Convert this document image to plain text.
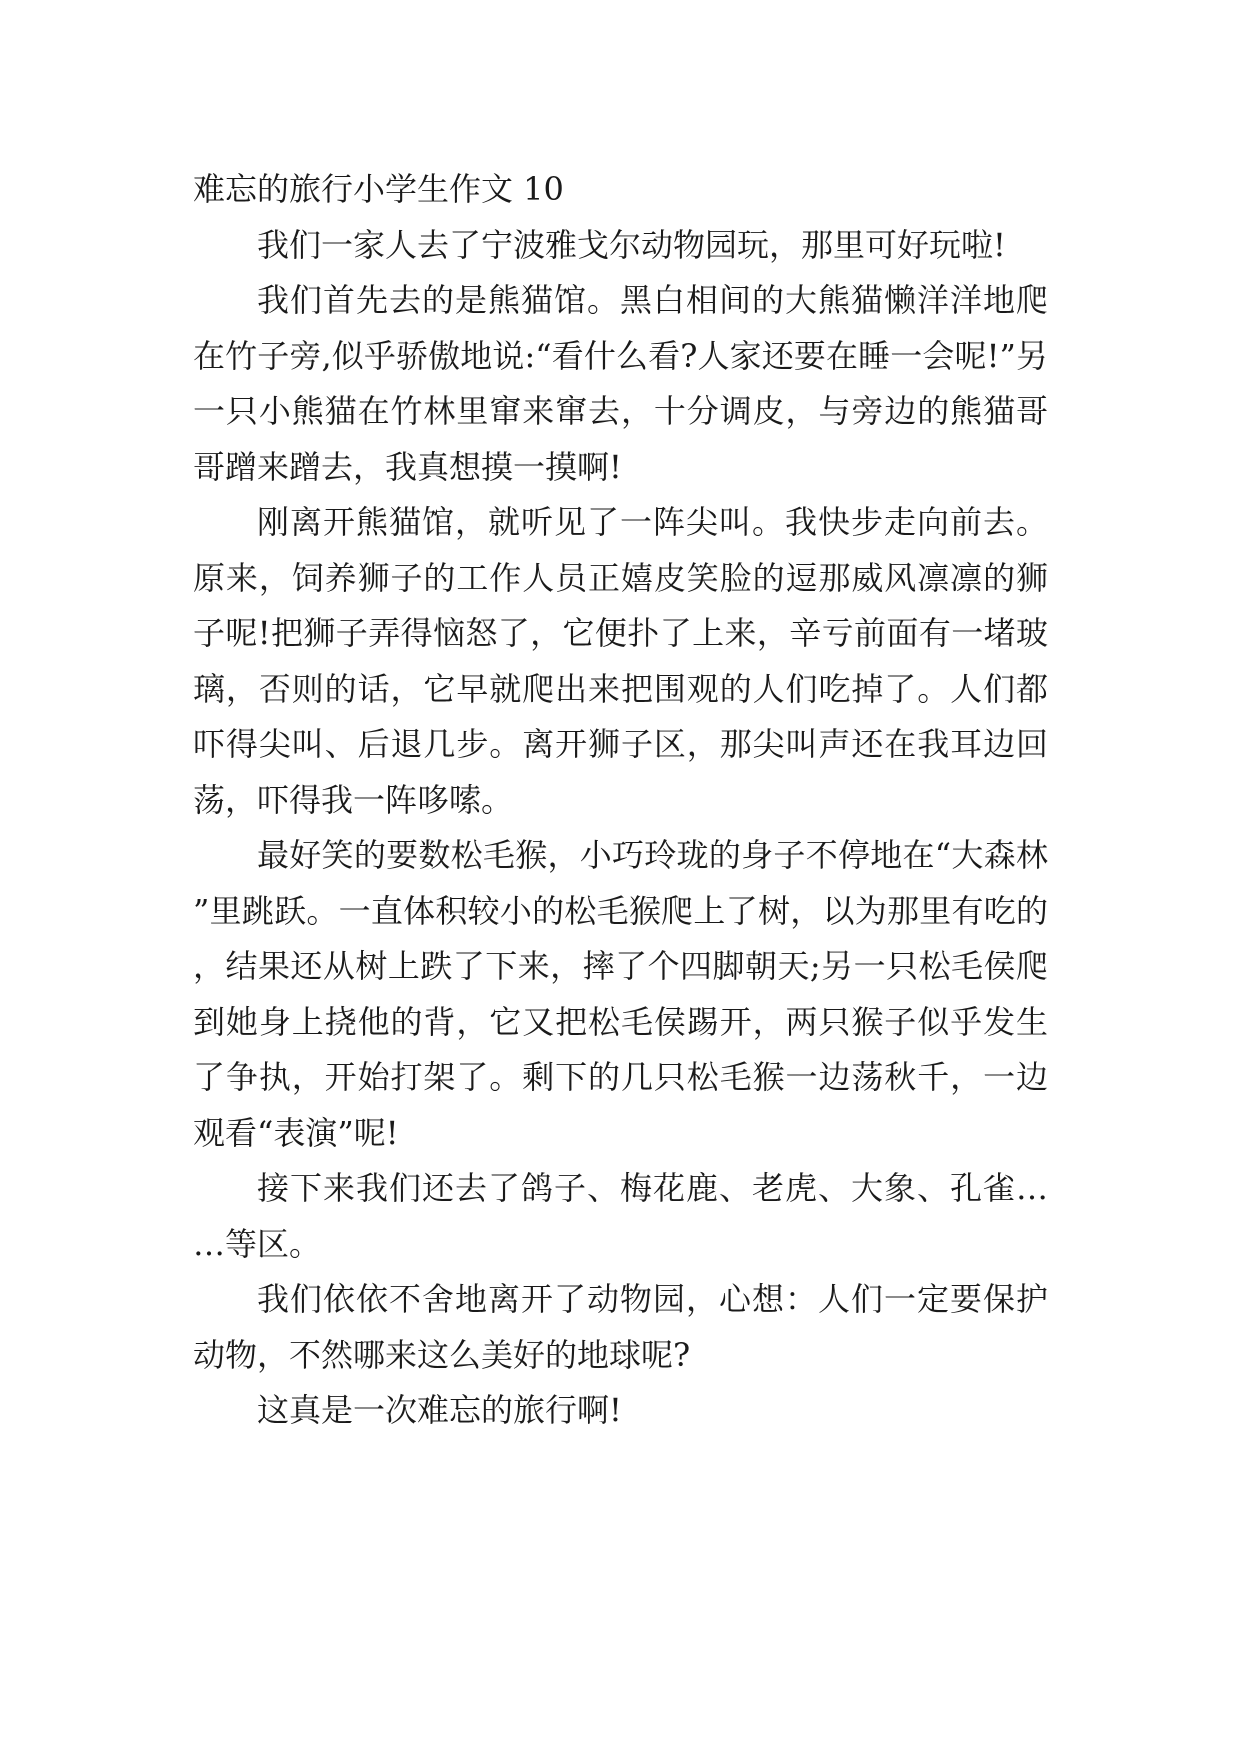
难忘的旅行小学生作文 10

我们一家人去了宁波雅戈尔动物园玩，那里可好玩啦!

我们首先去的是熊猫馆。黑白相间的大熊猫懒洋洋地爬在竹子旁,似乎骄傲地说:“看什么看?人家还要在睡一会呢!”另一只小熊猫在竹林里窜来窜去，十分调皮，与旁边的熊猫哥哥蹭来蹭去，我真想摸一摸啊!

刚离开熊猫馆，就听见了一阵尖叫。我快步走向前去。原来，饲养狮子的工作人员正嬉皮笑脸的逗那威风凛凛的狮子呢!把狮子弄得恼怒了，它便扑了上来，辛亏前面有一堵玻璃，否则的话，它早就爬出来把围观的人们吃掉了。人们都吓得尖叫、后退几步。离开狮子区，那尖叫声还在我耳边回荡，吓得我一阵哆嗦。

最好笑的要数松毛猴，小巧玲珑的身子不停地在“大森林”里跳跃。一直体积较小的松毛猴爬上了树，以为那里有吃的，结果还从树上跌了下来，摔了个四脚朝天;另一只松毛侯爬到她身上挠他的背，它又把松毛侯踢开，两只猴子似乎发生了争执，开始打架了。剩下的几只松毛猴一边荡秋千，一边观看“表演”呢!

接下来我们还去了鸽子、梅花鹿、老虎、大象、孔雀……等区。

我们依依不舍地离开了动物园，心想：人们一定要保护动物，不然哪来这么美好的地球呢?

这真是一次难忘的旅行啊!
